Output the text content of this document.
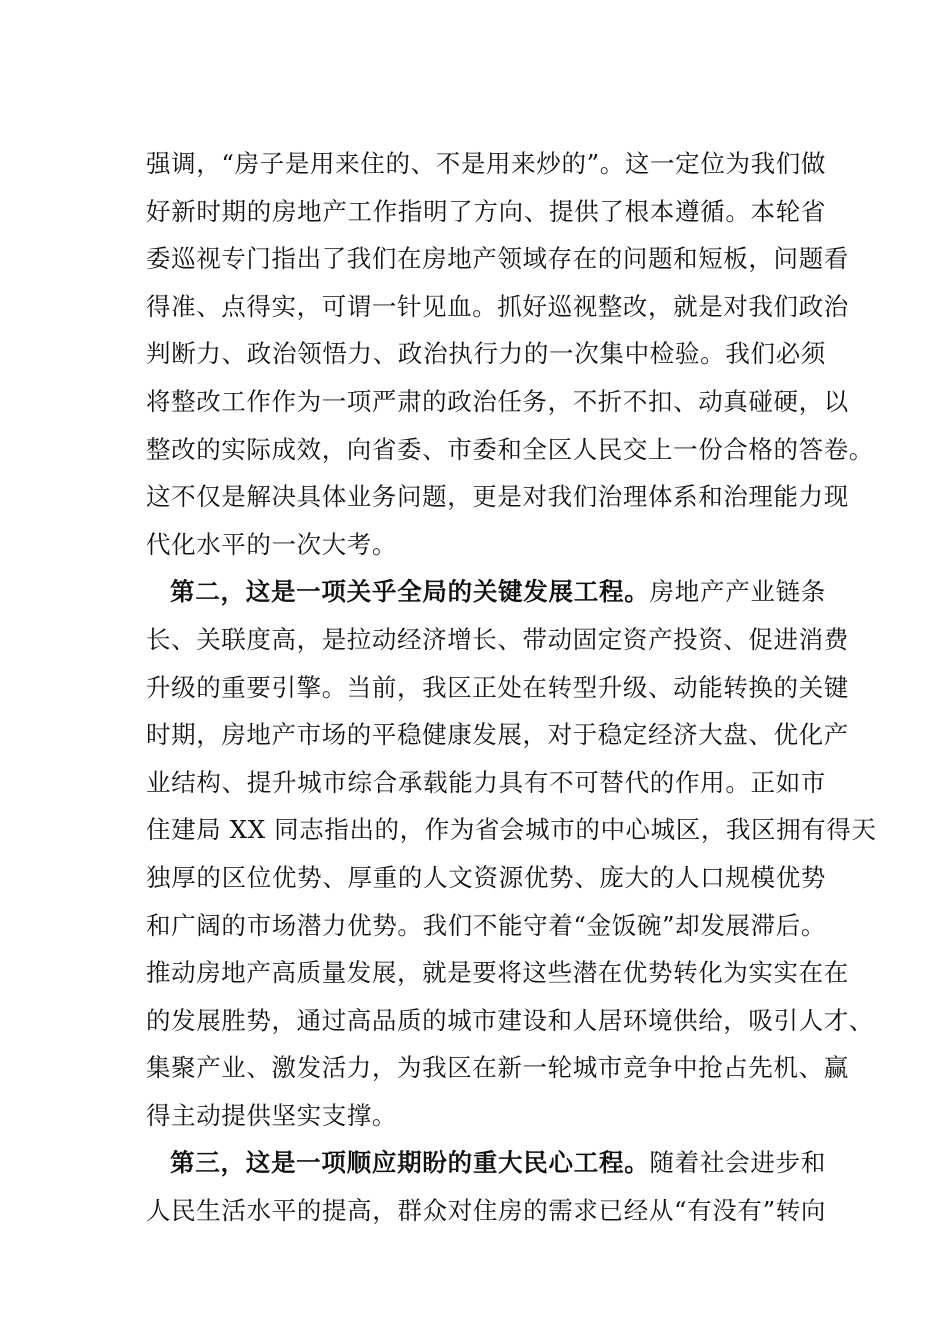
强调，“房子是用来住的、不是用来炒的”。这一定位为我们做
好新时期的房地产工作指明了方向、提供了根本遵循。本轮省
委巡视专门指出了我们在房地产领域存在的问题和短板，问题看
得准、点得实，可谓一针见血。抓好巡视整改，就是对我们政治
判断力、政治领悟力、政治执行力的一次集中检验。我们必须
将整改工作作为一项严肃的政治任务，不折不扣、动真碰硬，以
整改的实际成效，向省委、市委和全区人民交上一份合格的答卷。
这不仅是解决具体业务问题，更是对我们治理体系和治理能力现
代化水平的一次大考。
第二，这是一项关乎全局的关键发展工程。房地产产业链条
长、关联度高，是拉动经济增长、带动固定资产投资、促进消费
升级的重要引擎。当前，我区正处在转型升级、动能转换的关键
时期，房地产市场的平稳健康发展，对于稳定经济大盘、优化产
业结构、提升城市综合承载能力具有不可替代的作用。正如市
住建局 XX 同志指出的，作为省会城市的中心城区，我区拥有得天
独厚的区位优势、厚重的人文资源优势、庞大的人口规模优势
和广阔的市场潜力优势。我们不能守着“金饭碗”却发展滞后。
推动房地产高质量发展，就是要将这些潜在优势转化为实实在在
的发展胜势，通过高品质的城市建设和人居环境供给，吸引人才、
集聚产业、激发活力，为我区在新一轮城市竞争中抢占先机、赢
得主动提供坚实支撑。
第三，这是一项顺应期盼的重大民心工程。随着社会进步和
人民生活水平的提高，群众对住房的需求已经从“有没有”转向
